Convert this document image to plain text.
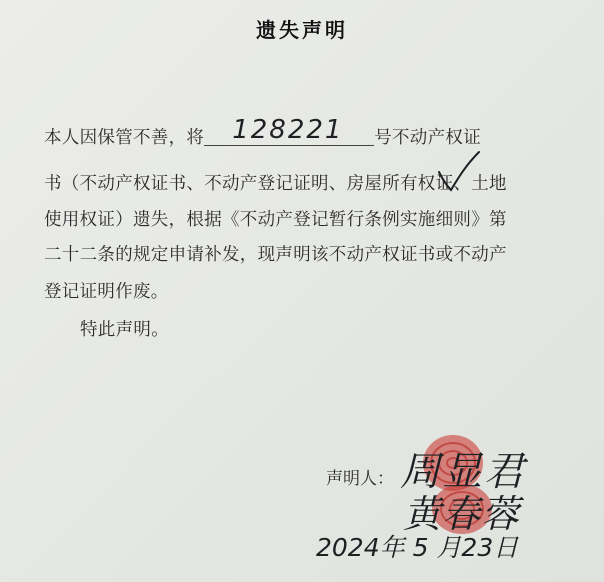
遗失声明
本人因保管不善，将 128221 号不动产权证
书（不动产权证书、不动产登记证明、房屋所有权证、土地
使用权证）遗失，根据《不动产登记暂行条例实施细则》第
二十二条的规定申请补发，现声明该不动产权证书或不动产
登记证明作废。
特此声明。
声明人： 周显君
黄春蓉
2024年 5 月23日
